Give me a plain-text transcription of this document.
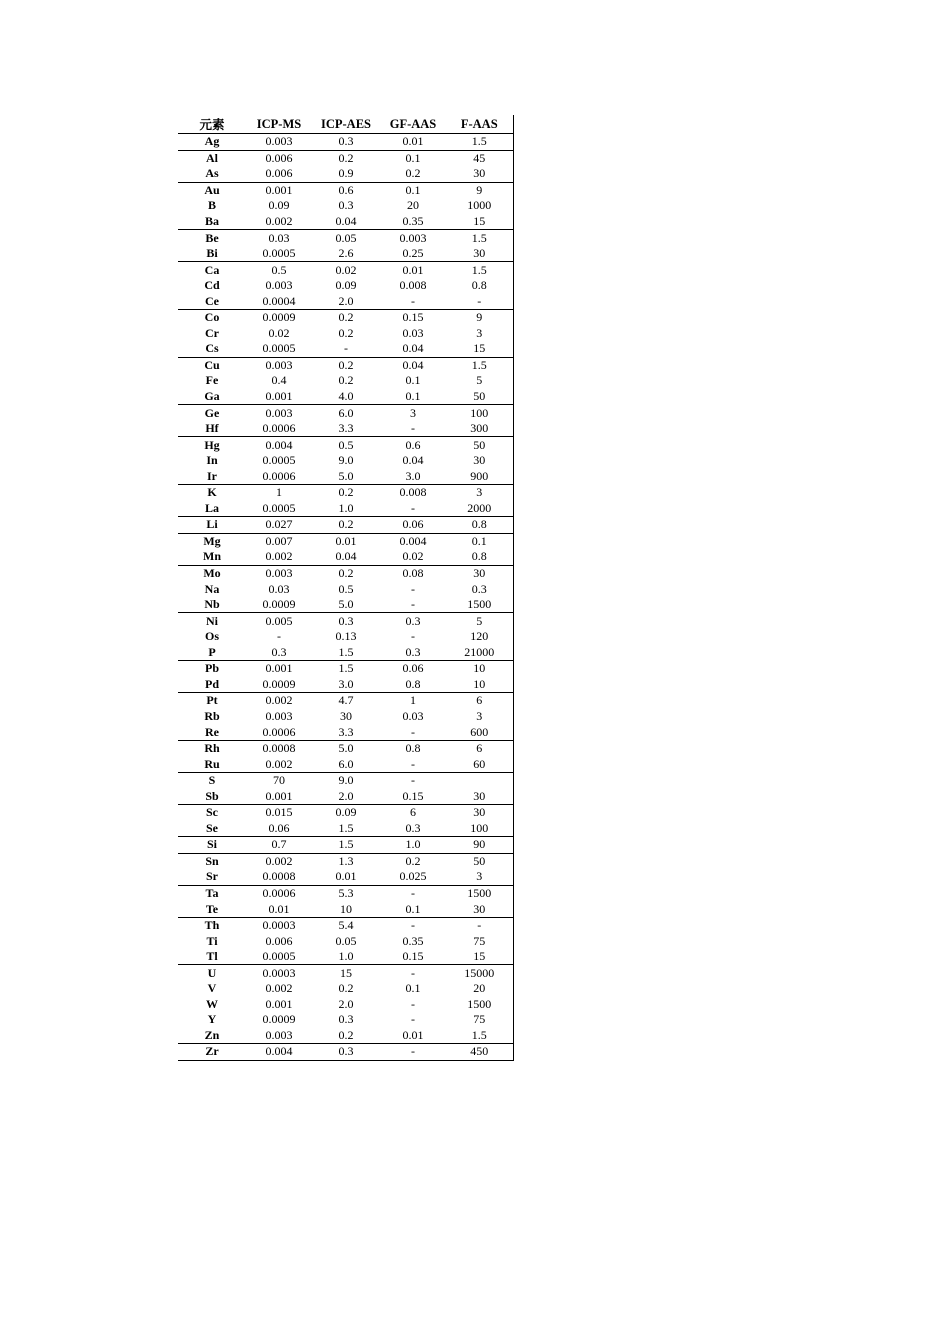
元素	ICP-MS	ICP-AES	GF-AAS	F-AAS
Ag	0.003	0.3	0.01	1.5
Al	0.006	0.2	0.1	45
As	0.006	0.9	0.2	30
Au	0.001	0.6	0.1	9
B	0.09	0.3	20	1000
Ba	0.002	0.04	0.35	15
Be	0.03	0.05	0.003	1.5
Bi	0.0005	2.6	0.25	30
Ca	0.5	0.02	0.01	1.5
Cd	0.003	0.09	0.008	0.8
Ce	0.0004	2.0	-	-
Co	0.0009	0.2	0.15	9
Cr	0.02	0.2	0.03	3
Cs	0.0005	-	0.04	15
Cu	0.003	0.2	0.04	1.5
Fe	0.4	0.2	0.1	5
Ga	0.001	4.0	0.1	50
Ge	0.003	6.0	3	100
Hf	0.0006	3.3	-	300
Hg	0.004	0.5	0.6	50
In	0.0005	9.0	0.04	30
Ir	0.0006	5.0	3.0	900
K	1	0.2	0.008	3
La	0.0005	1.0	-	2000
Li	0.027	0.2	0.06	0.8
Mg	0.007	0.01	0.004	0.1
Mn	0.002	0.04	0.02	0.8
Mo	0.003	0.2	0.08	30
Na	0.03	0.5	-	0.3
Nb	0.0009	5.0	-	1500
Ni	0.005	0.3	0.3	5
Os	-	0.13	-	120
P	0.3	1.5	0.3	21000
Pb	0.001	1.5	0.06	10
Pd	0.0009	3.0	0.8	10
Pt	0.002	4.7	1	6
Rb	0.003	30	0.03	3
Re	0.0006	3.3	-	600
Rh	0.0008	5.0	0.8	6
Ru	0.002	6.0	-	60
S	70	9.0	-	
Sb	0.001	2.0	0.15	30
Sc	0.015	0.09	6	30
Se	0.06	1.5	0.3	100
Si	0.7	1.5	1.0	90
Sn	0.002	1.3	0.2	50
Sr	0.0008	0.01	0.025	3
Ta	0.0006	5.3	-	1500
Te	0.01	10	0.1	30
Th	0.0003	5.4	-	-
Ti	0.006	0.05	0.35	75
Tl	0.0005	1.0	0.15	15
U	0.0003	15	-	15000
V	0.002	0.2	0.1	20
W	0.001	2.0	-	1500
Y	0.0009	0.3	-	75
Zn	0.003	0.2	0.01	1.5
Zr	0.004	0.3	-	450
